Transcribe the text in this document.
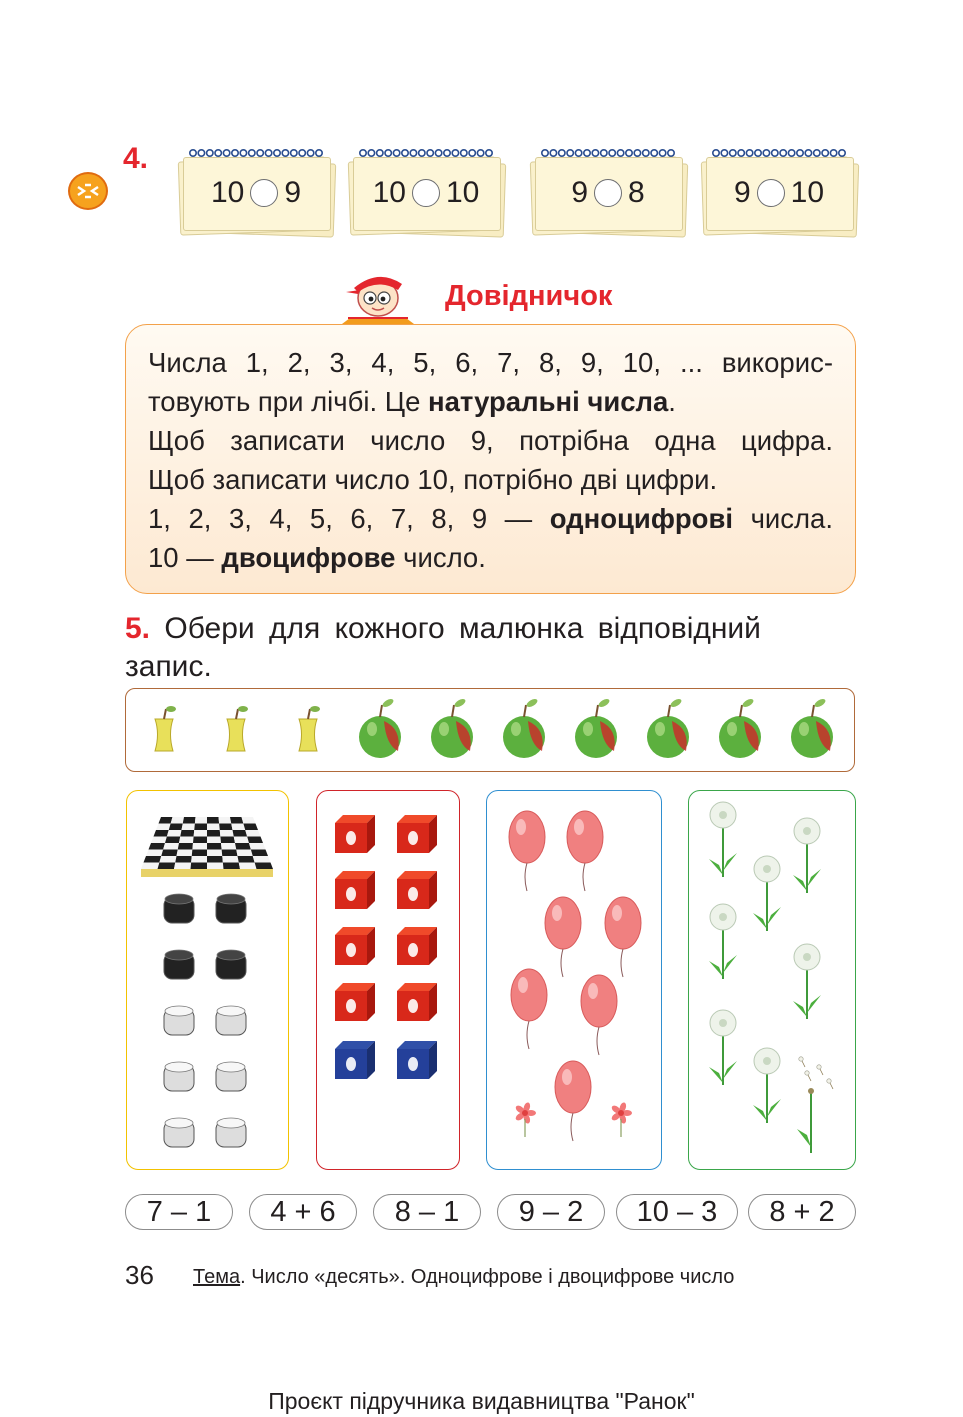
4.
10 9 10 10	9 8	9 10
Довідничок
Числа 1, 2, 3, 4, 5, 6, 7, 8, 9, 10, ... викорис-
товують при лічбі. Це натуральні числа.
Щоб записати число 9, потрібна одна цифра.
Щоб записати число 10, потрібно дві цифри.
1, 2, 3, 4, 5, 6, 7, 8, 9 — одноцифрові числа.
10 — двоцифрове число.
5. Обери для кожного малюнка відповідний запис.
7 – 1	4 + 6	8 – 1	9 – 2	10 – 3	8 + 2
36 Тема. Число «десять». Одноцифрове і двоцифрове число
Проєкт підручника видавництва "Ранок"
